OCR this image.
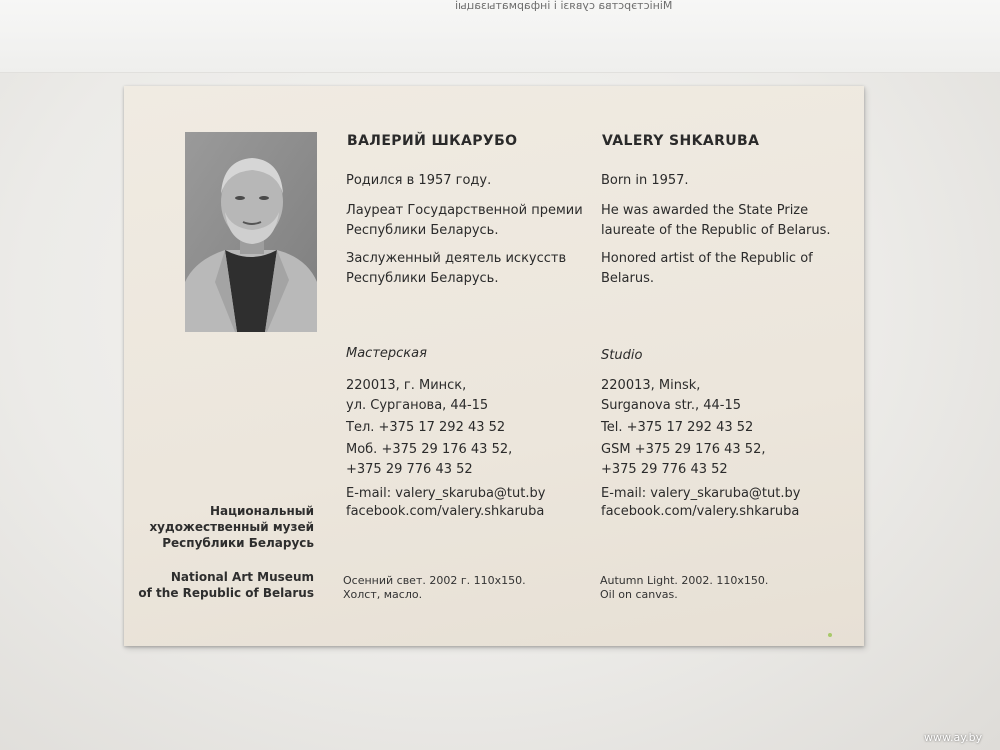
Міністэрства сувязі і інфарматызацыі
ВАЛЕРИЙ ШКАРУБО

Родился в 1957 году.

Лауреат Государственной премии

Республики Беларусь.

Заслуженный деятель искусств

Республики Беларусь.

Мастерская

220013, г. Минск,

ул. Сурганова, 44-15

Тел. +375 17 292 43 52

Моб. +375 29 176 43 52,

+375 29 776 43 52

E-mail: valery_skaruba@tut.by

facebook.com/valery.shkaruba

Осенний свет. 2002 г. 110x150.
Холст, масло.
VALERY SHKARUBA

Born in 1957.

He was awarded the State Prize

laureate of the Republic of Belarus.

Honored artist of the Republic of

Belarus.

Studio

220013, Minsk,

Surganova str., 44-15

Tel. +375 17 292 43 52

GSM +375 29 176 43 52,

+375 29 776 43 52

E-mail: valery_skaruba@tut.by

facebook.com/valery.shkaruba

Autumn Light. 2002. 110x150.
Oil on canvas.
Национальный
художественный музей
Республики Беларусь
National Art Museum
of the Republic of Belarus
www.ay.by
